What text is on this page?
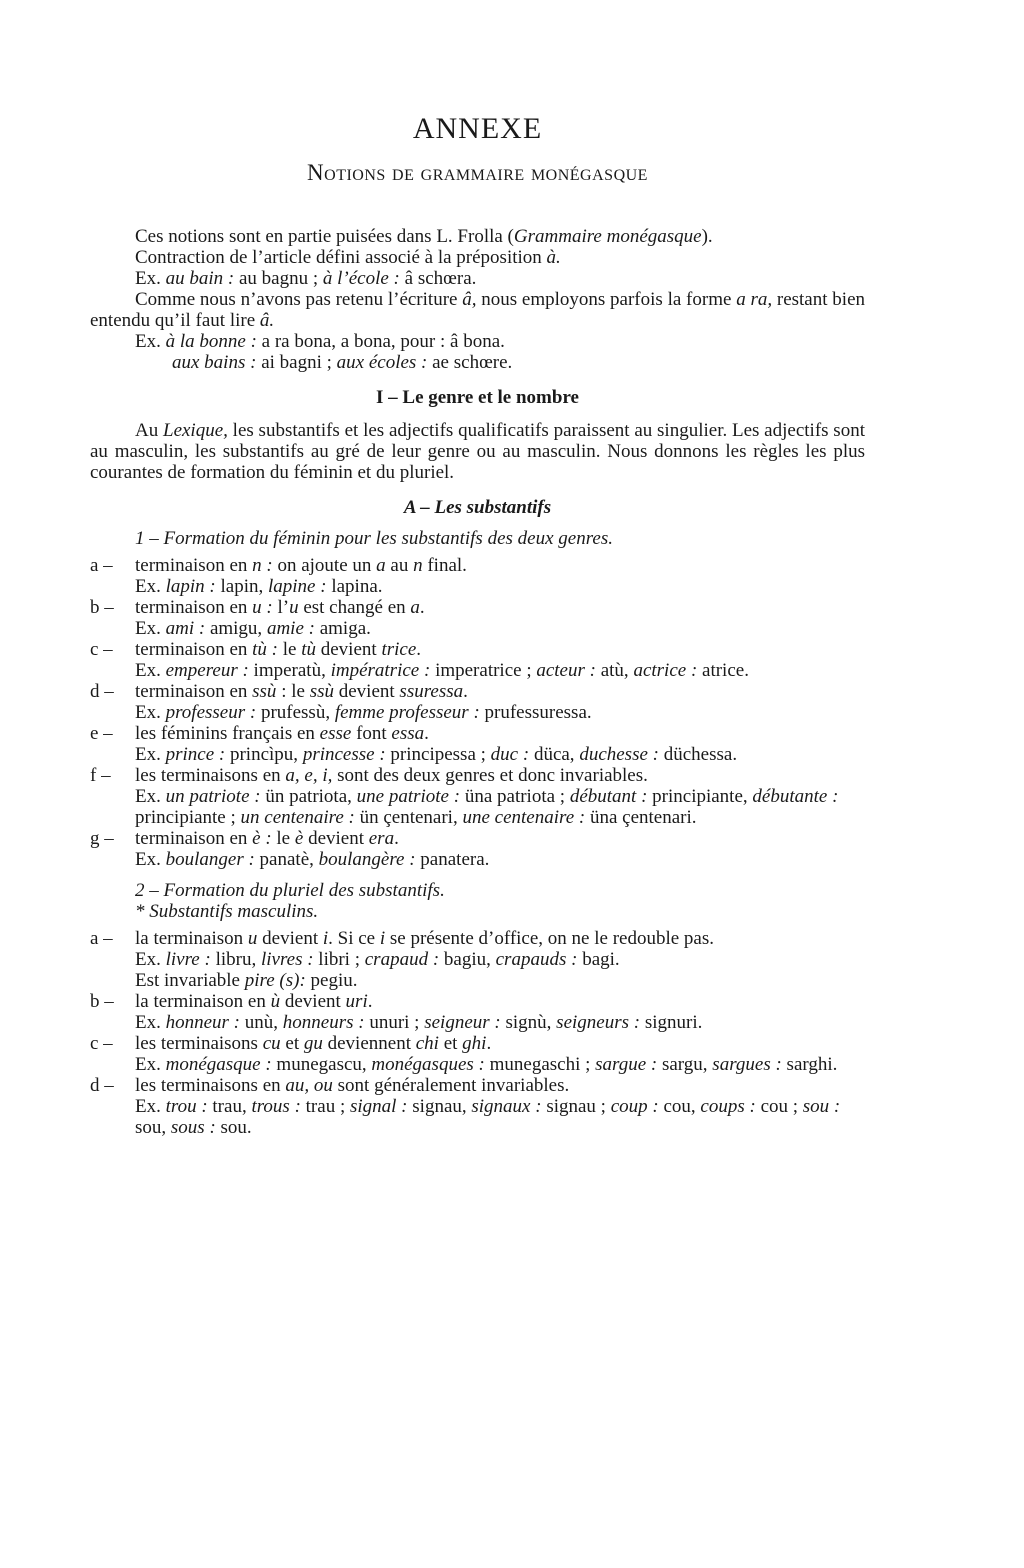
ANNEXE
Notions de grammaire monégasque

Ces notions sont en partie puisées dans L. Frolla (Grammaire monégasque).

Contraction de l’article défini associé à la préposition à.

Ex. au bain : au bagnu ; à l’école : â schœra.

Comme nous n’avons pas retenu l’écriture â, nous employons parfois la forme a ra, restant bien entendu qu’il faut lire â.

Ex. à la bonne : a ra bona, a bona, pour : â bona.

aux bains : ai bagni ; aux écoles : ae schœre.

I – Le genre et le nombre

Au Lexique, les substantifs et les adjectifs qualificatifs paraissent au singulier. Les adjectifs sont au masculin, les substantifs au gré de leur genre ou au masculin. Nous donnons les règles les plus courantes de formation du féminin et du pluriel.

A – Les substantifs

1 – Formation du féminin pour les substantifs des deux genres.

a –	terminaison en n : on ajoute un a au n final.
Ex. lapin : lapin, lapine : lapina.
b –	terminaison en u : l’u est changé en a.
Ex. ami : amigu, amie : amiga.
c –	terminaison en tù : le tù devient trice.
Ex. empereur : imperatù, impératrice : imperatrice ; acteur : atù, actrice : atrice.
d –	terminaison en ssù : le ssù devient ssuressa.
Ex. professeur : prufessù, femme professeur : prufessuressa.
e –	les féminins français en esse font essa.
Ex. prince : princìpu, princesse : principessa ; duc : düca, duchesse : düchessa.
f –	les terminaisons en a, e, i, sont des deux genres et donc invariables.
Ex. un patriote : ün patriota, une patriote : üna patriota ; débutant : principiante, débutante : principiante ; un centenaire : ün çentenari, une centenaire : üna çentenari.
g –	terminaison en è : le è devient era.
Ex. boulanger : panatè, boulangère : panatera.

2 – Formation du pluriel des substantifs.

* Substantifs masculins.

a –	la terminaison u devient i. Si ce i se présente d’office, on ne le redouble pas.
Ex. livre : libru, livres : libri ; crapaud : bagiu, crapauds : bagi.
Est invariable pire (s): pegiu.
b –	la terminaison en ù devient uri.
Ex. honneur : unù, honneurs : unuri ; seigneur : signù, seigneurs : signuri.
c –	les terminaisons cu et gu deviennent chi et ghi.
Ex. monégasque : munegascu, monégasques : munegaschi ; sargue : sargu, sargues : sarghi.
d –	les terminaisons en au, ou sont généralement invariables.
Ex. trou : trau, trous : trau ; signal : signau, signaux : signau ; coup : cou, coups : cou ; sou : sou, sous : sou.
